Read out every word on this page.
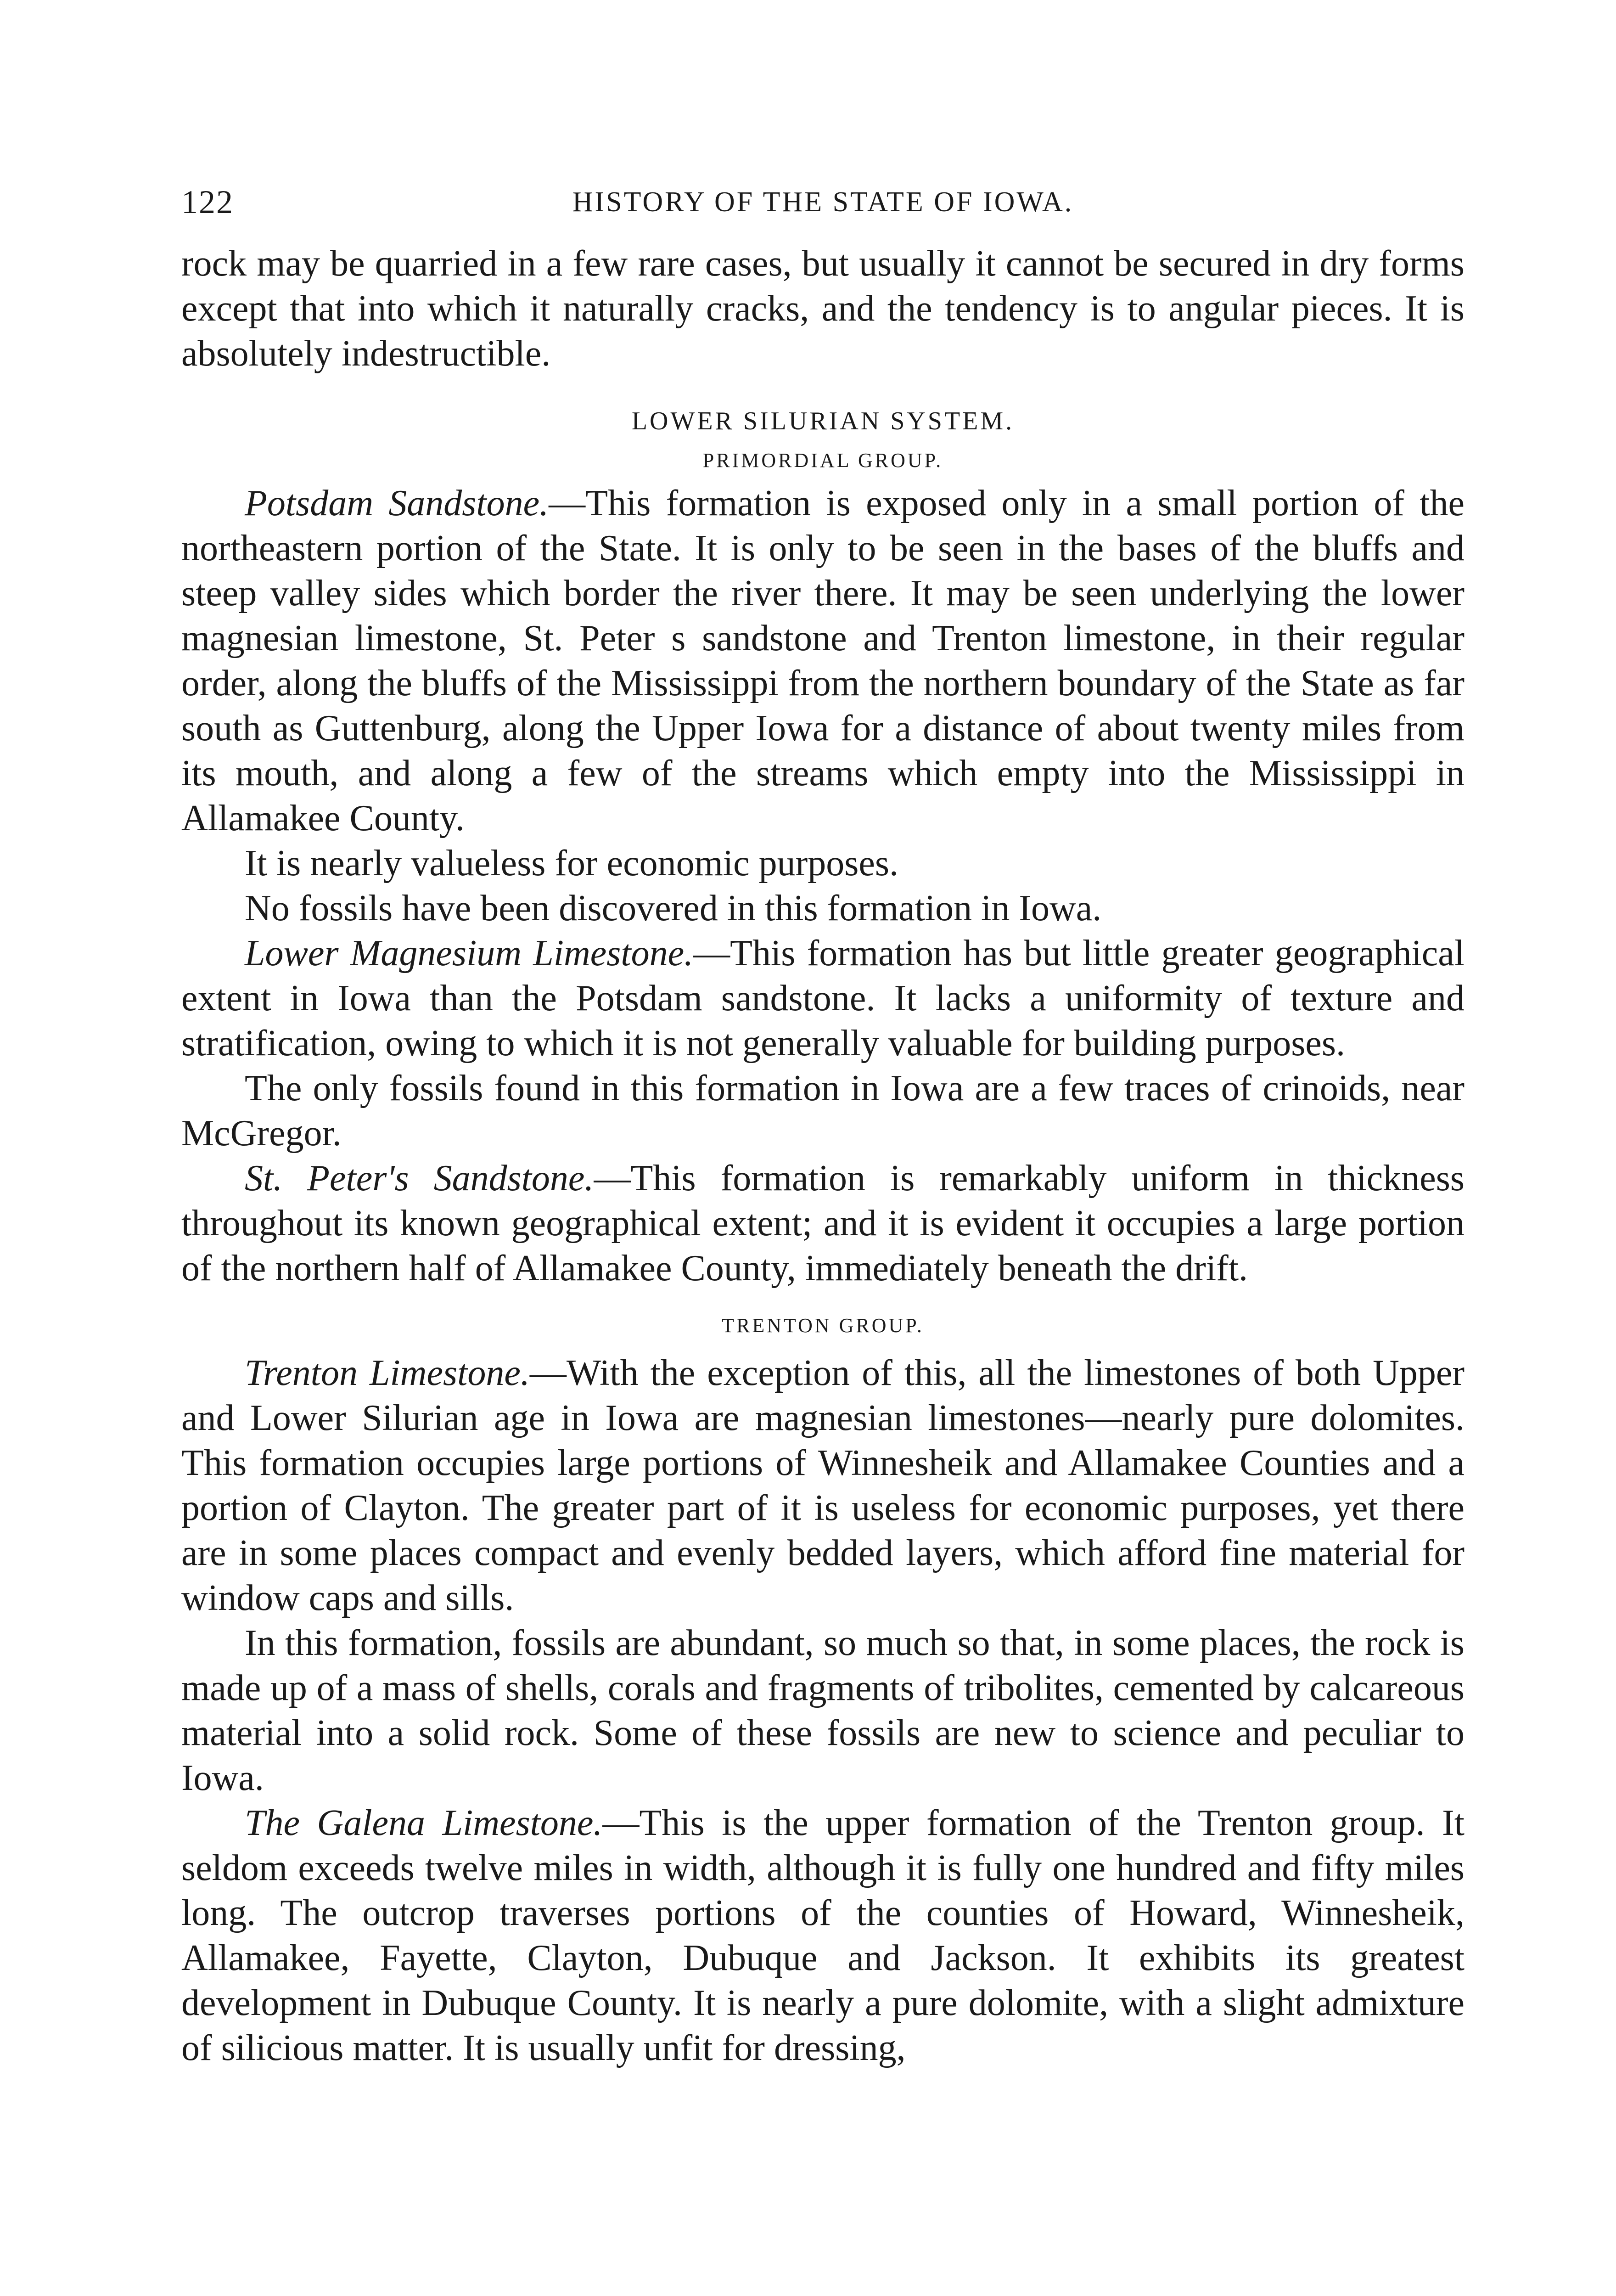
122	HISTORY OF THE STATE OF IOWA.

rock may be quarried in a few rare cases, but usually it cannot be secured in dry forms except that into which it naturally cracks, and the tendency is to angular pieces. It is absolutely indestructible.

LOWER SILURIAN SYSTEM.
PRIMORDIAL GROUP.

Potsdam Sandstone.—This formation is exposed only in a small portion of the northeastern portion of the State. It is only to be seen in the bases of the bluffs and steep valley sides which border the river there. It may be seen underlying the lower magnesian limestone, St. Peter s sandstone and Trenton limestone, in their regular order, along the bluffs of the Mississippi from the northern boundary of the State as far south as Guttenburg, along the Upper Iowa for a distance of about twenty miles from its mouth, and along a few of the streams which empty into the Mississippi in Allamakee County.

It is nearly valueless for economic purposes.

No fossils have been discovered in this formation in Iowa.

Lower Magnesium Limestone.—This formation has but little greater geographical extent in Iowa than the Potsdam sandstone. It lacks a uniformity of texture and stratification, owing to which it is not generally valuable for building purposes.

The only fossils found in this formation in Iowa are a few traces of crinoids, near McGregor.

St. Peter's Sandstone.—This formation is remarkably uniform in thickness throughout its known geographical extent; and it is evident it occupies a large portion of the northern half of Allamakee County, immediately beneath the drift.

TRENTON GROUP.

Trenton Limestone.—With the exception of this, all the limestones of both Upper and Lower Silurian age in Iowa are magnesian limestones—nearly pure dolomites. This formation occupies large portions of Winnesheik and Allamakee Counties and a portion of Clayton. The greater part of it is useless for economic purposes, yet there are in some places compact and evenly bedded layers, which afford fine material for window caps and sills.

In this formation, fossils are abundant, so much so that, in some places, the rock is made up of a mass of shells, corals and fragments of tribolites, cemented by calcareous material into a solid rock. Some of these fossils are new to science and peculiar to Iowa.

The Galena Limestone.—This is the upper formation of the Trenton group. It seldom exceeds twelve miles in width, although it is fully one hundred and fifty miles long. The outcrop traverses portions of the counties of Howard, Winnesheik, Allamakee, Fayette, Clayton, Dubuque and Jackson. It exhibits its greatest development in Dubuque County. It is nearly a pure dolomite, with a slight admixture of silicious matter. It is usually unfit for dressing,
